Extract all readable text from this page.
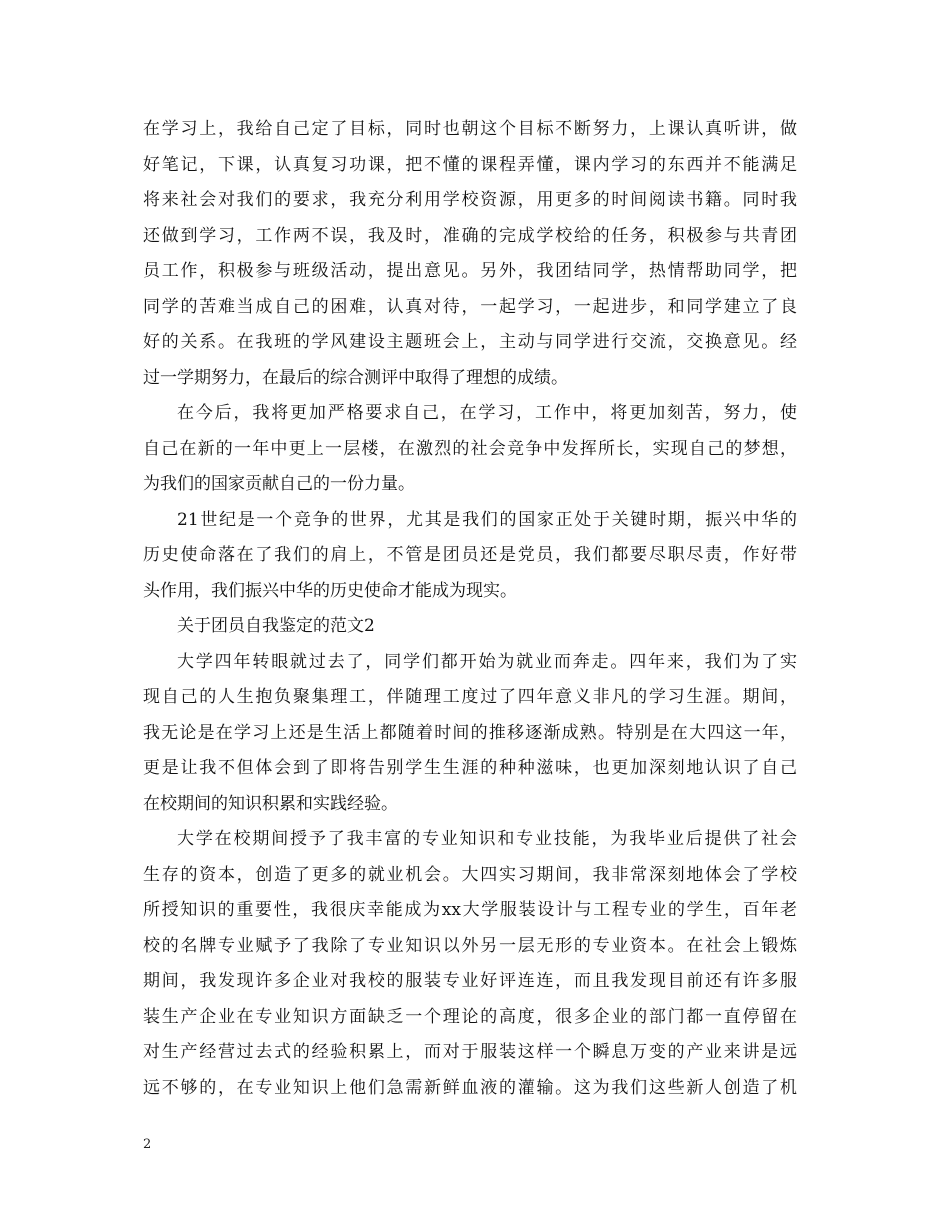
在学习上，我给自己定了目标，同时也朝这个目标不断努力，上课认真听讲，做
好笔记，下课，认真复习功课，把不懂的课程弄懂，课内学习的东西并不能满足
将来社会对我们的要求，我充分利用学校资源，用更多的时间阅读书籍。同时我
还做到学习，工作两不误，我及时，准确的完成学校给的任务，积极参与共青团
员工作，积极参与班级活动，提出意见。另外，我团结同学，热情帮助同学，把
同学的苦难当成自己的困难，认真对待，一起学习，一起进步，和同学建立了良
好的关系。在我班的学风建设主题班会上，主动与同学进行交流，交换意见。经
过一学期努力，在最后的综合测评中取得了理想的成绩。
在今后，我将更加严格要求自己，在学习，工作中，将更加刻苦，努力，使
自己在新的一年中更上一层楼，在激烈的社会竞争中发挥所长，实现自己的梦想，
为我们的国家贡献自己的一份力量。
21世纪是一个竞争的世界，尤其是我们的国家正处于关键时期，振兴中华的
历史使命落在了我们的肩上，不管是团员还是党员，我们都要尽职尽责，作好带
头作用，我们振兴中华的历史使命才能成为现实。
关于团员自我鉴定的范文2
大学四年转眼就过去了，同学们都开始为就业而奔走。四年来，我们为了实
现自己的人生抱负聚集理工，伴随理工度过了四年意义非凡的学习生涯。期间，
我无论是在学习上还是生活上都随着时间的推移逐渐成熟。特别是在大四这一年，
更是让我不但体会到了即将告别学生生涯的种种滋味，也更加深刻地认识了自己
在校期间的知识积累和实践经验。
大学在校期间授予了我丰富的专业知识和专业技能，为我毕业后提供了社会
生存的资本，创造了更多的就业机会。大四实习期间，我非常深刻地体会了学校
所授知识的重要性，我很庆幸能成为xx大学服装设计与工程专业的学生，百年老
校的名牌专业赋予了我除了专业知识以外另一层无形的专业资本。在社会上锻炼
期间，我发现许多企业对我校的服装专业好评连连，而且我发现目前还有许多服
装生产企业在专业知识方面缺乏一个理论的高度，很多企业的部门都一直停留在
对生产经营过去式的经验积累上，而对于服装这样一个瞬息万变的产业来讲是远
远不够的，在专业知识上他们急需新鲜血液的灌输。这为我们这些新人创造了机
2
